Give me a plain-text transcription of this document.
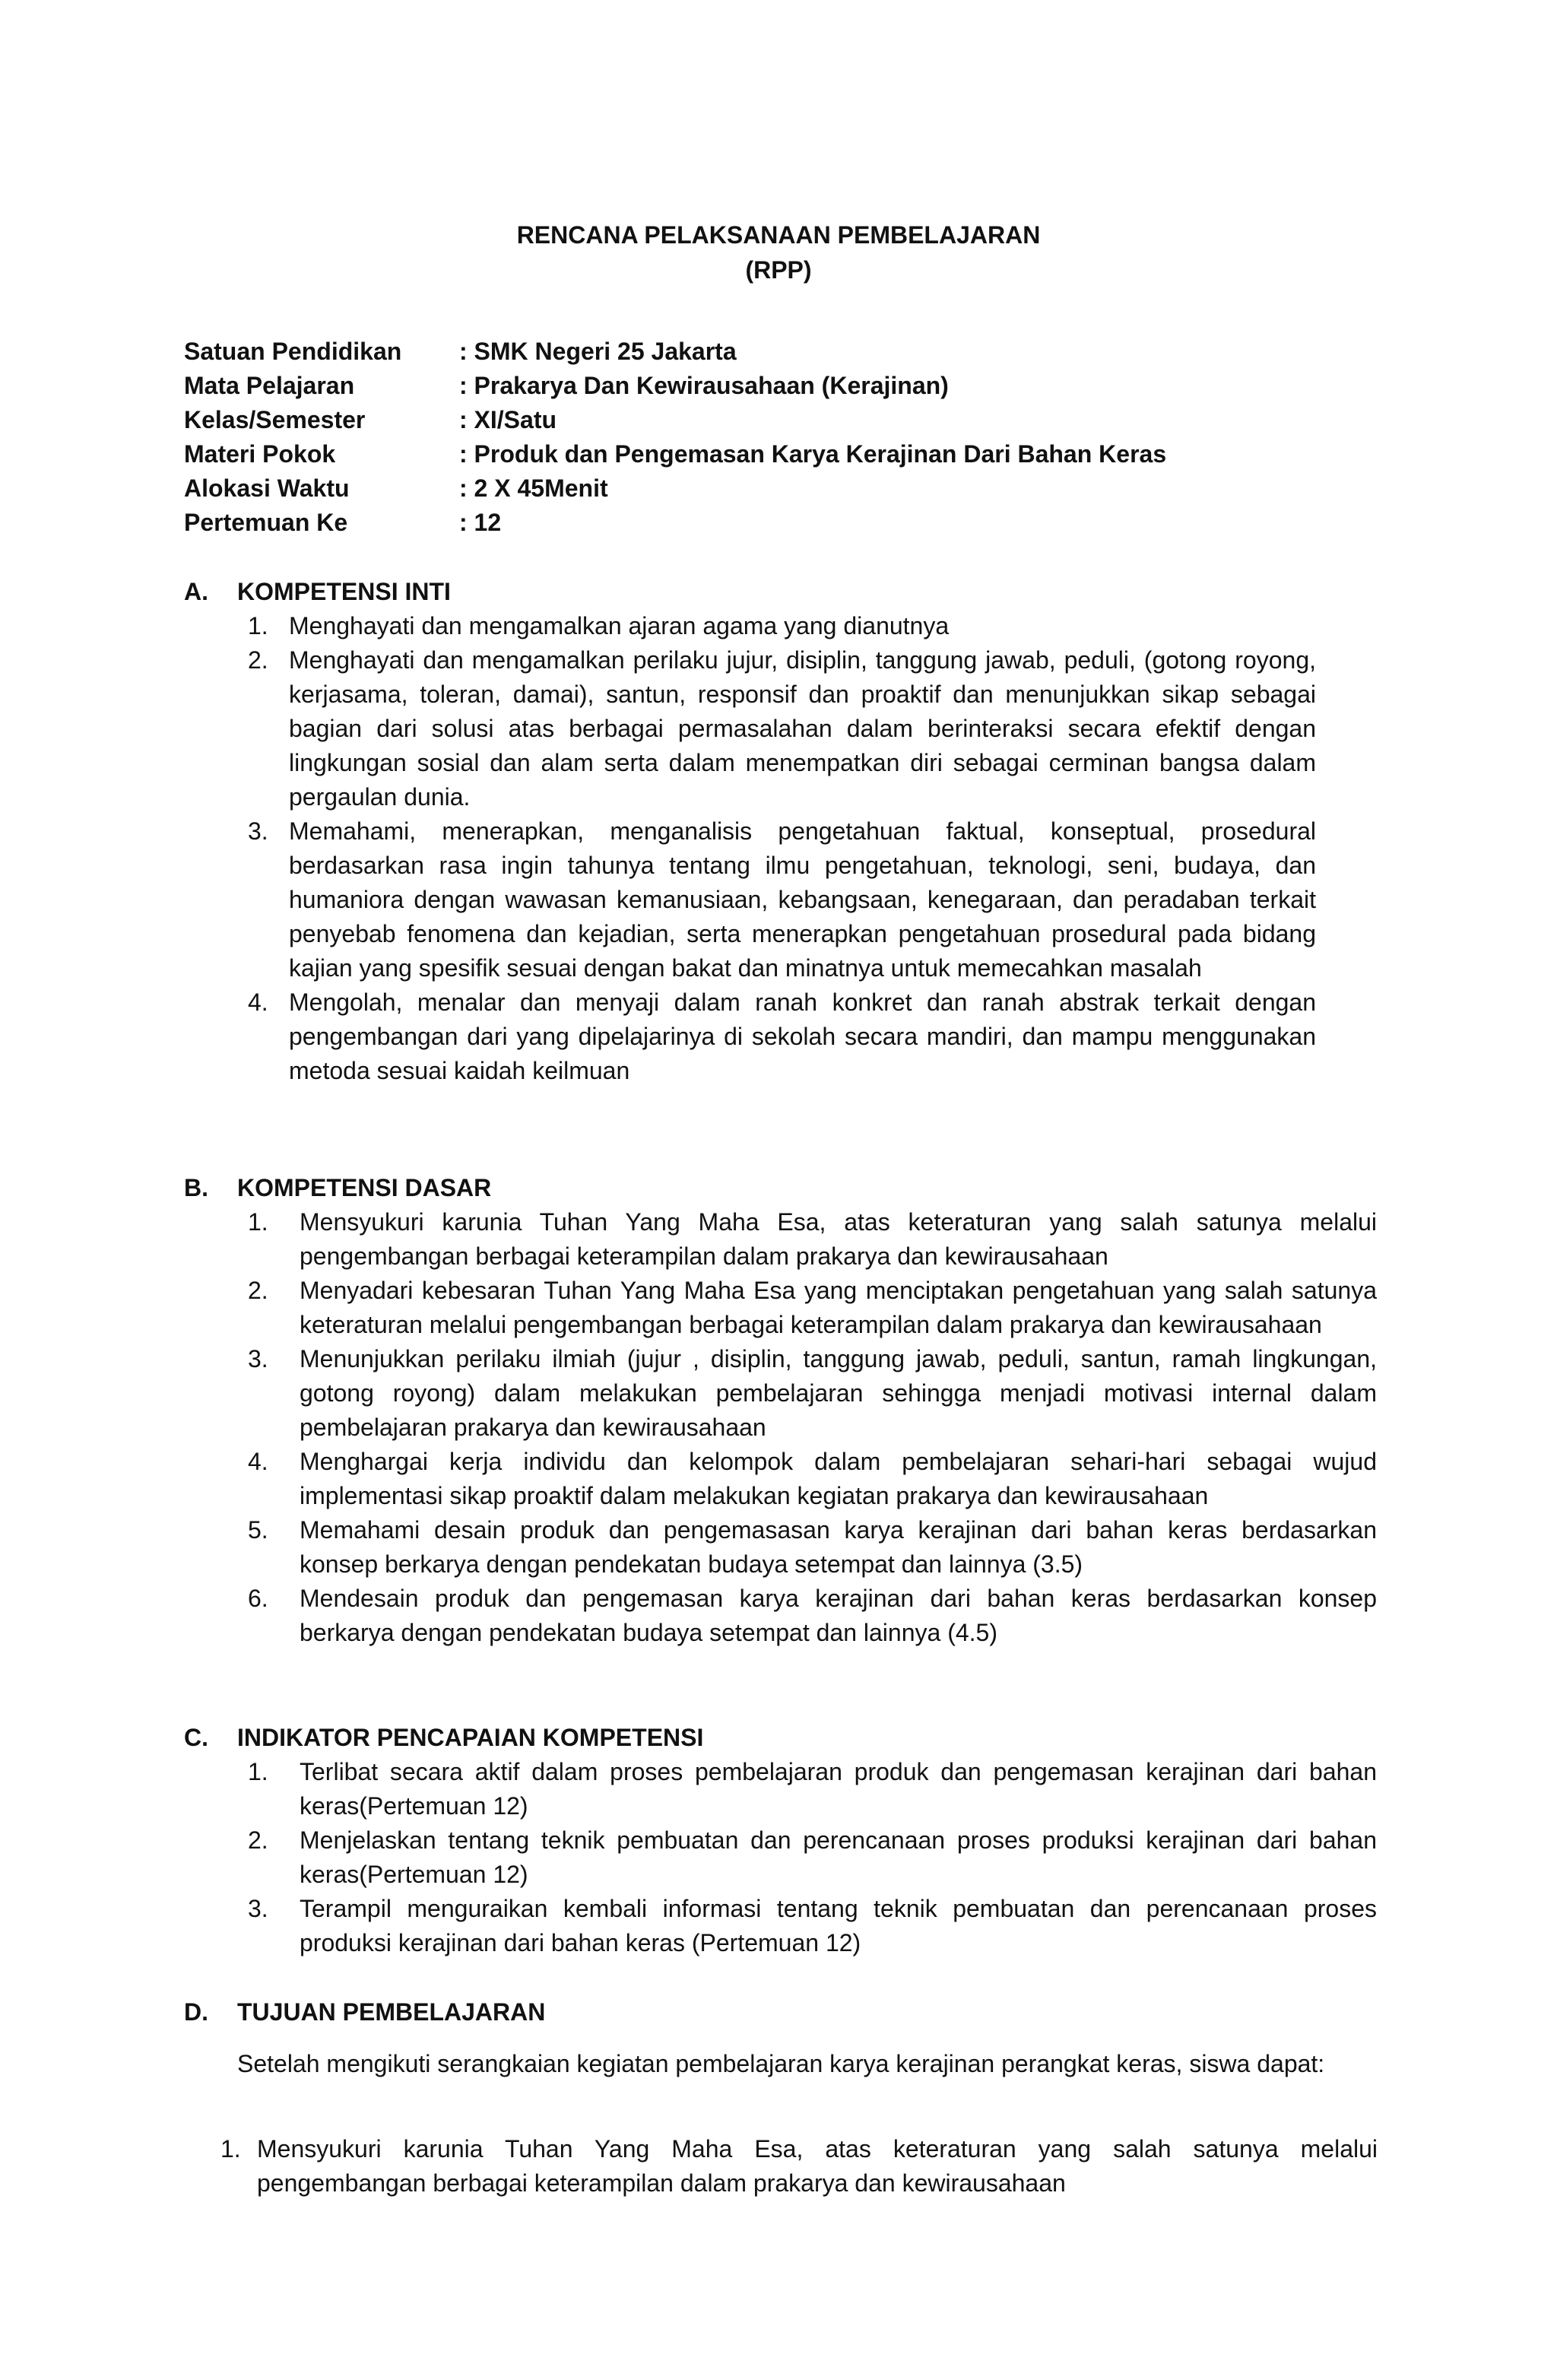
RENCANA PELAKSANAAN PEMBELAJARAN
(RPP)
Satuan Pendidikan	: SMK Negeri 25 Jakarta
Mata Pelajaran	: Prakarya Dan Kewirausahaan (Kerajinan)
Kelas/Semester	: XI/Satu
Materi Pokok	: Produk dan Pengemasan Karya Kerajinan Dari Bahan Keras
Alokasi Waktu	: 2 X 45Menit
Pertemuan Ke	: 12
A.	KOMPETENSI INTI
1. Menghayati dan mengamalkan ajaran agama yang dianutnya
2. Menghayati dan mengamalkan perilaku jujur, disiplin, tanggung jawab, peduli, (gotong royong, kerjasama, toleran, damai), santun, responsif dan proaktif dan menunjukkan sikap sebagai bagian dari solusi atas berbagai permasalahan dalam berinteraksi secara efektif dengan lingkungan sosial dan alam serta dalam menempatkan diri sebagai cerminan bangsa dalam pergaulan dunia.
3. Memahami, menerapkan, menganalisis pengetahuan faktual, konseptual, prosedural berdasarkan rasa ingin tahunya tentang ilmu pengetahuan, teknologi, seni, budaya, dan humaniora dengan wawasan kemanusiaan, kebangsaan, kenegaraan, dan peradaban terkait penyebab fenomena dan kejadian, serta menerapkan pengetahuan prosedural pada bidang kajian yang spesifik sesuai dengan bakat dan minatnya untuk memecahkan masalah
4. Mengolah, menalar dan menyaji dalam ranah konkret dan ranah abstrak terkait dengan pengembangan dari yang dipelajarinya di sekolah secara mandiri, dan mampu menggunakan metoda sesuai kaidah keilmuan
B.	KOMPETENSI DASAR
1.	Mensyukuri karunia Tuhan Yang Maha Esa, atas keteraturan yang salah satunya melalui pengembangan berbagai keterampilan dalam prakarya dan kewirausahaan
2.	Menyadari kebesaran Tuhan Yang Maha Esa yang menciptakan pengetahuan yang salah satunya keteraturan melalui pengembangan berbagai keterampilan dalam prakarya dan kewirausahaan
3.	Menunjukkan perilaku ilmiah (jujur , disiplin, tanggung jawab, peduli, santun, ramah lingkungan, gotong royong) dalam melakukan pembelajaran sehingga menjadi motivasi internal dalam pembelajaran prakarya dan kewirausahaan
4.	Menghargai kerja individu dan kelompok dalam pembelajaran sehari-hari sebagai wujud implementasi sikap proaktif dalam melakukan kegiatan prakarya dan kewirausahaan
5.	Memahami desain produk dan pengemasasan karya kerajinan dari bahan keras berdasarkan konsep berkarya dengan pendekatan budaya setempat dan lainnya (3.5)
6.	Mendesain produk dan pengemasan karya kerajinan dari bahan keras berdasarkan konsep berkarya dengan pendekatan budaya setempat dan lainnya (4.5)
C.	INDIKATOR PENCAPAIAN KOMPETENSI
1.	Terlibat secara aktif dalam proses pembelajaran produk dan pengemasan kerajinan dari bahan keras(Pertemuan 12)
2.	Menjelaskan tentang teknik pembuatan dan perencanaan proses produksi kerajinan dari bahan keras(Pertemuan 12)
3.	Terampil menguraikan kembali informasi tentang teknik pembuatan dan perencanaan proses produksi kerajinan dari bahan keras (Pertemuan 12)
D.	TUJUAN PEMBELAJARAN
Setelah mengikuti serangkaian kegiatan pembelajaran karya kerajinan perangkat keras, siswa dapat:
1. Mensyukuri karunia Tuhan Yang Maha Esa, atas keteraturan yang salah satunya melalui pengembangan berbagai keterampilan dalam prakarya dan kewirausahaan
